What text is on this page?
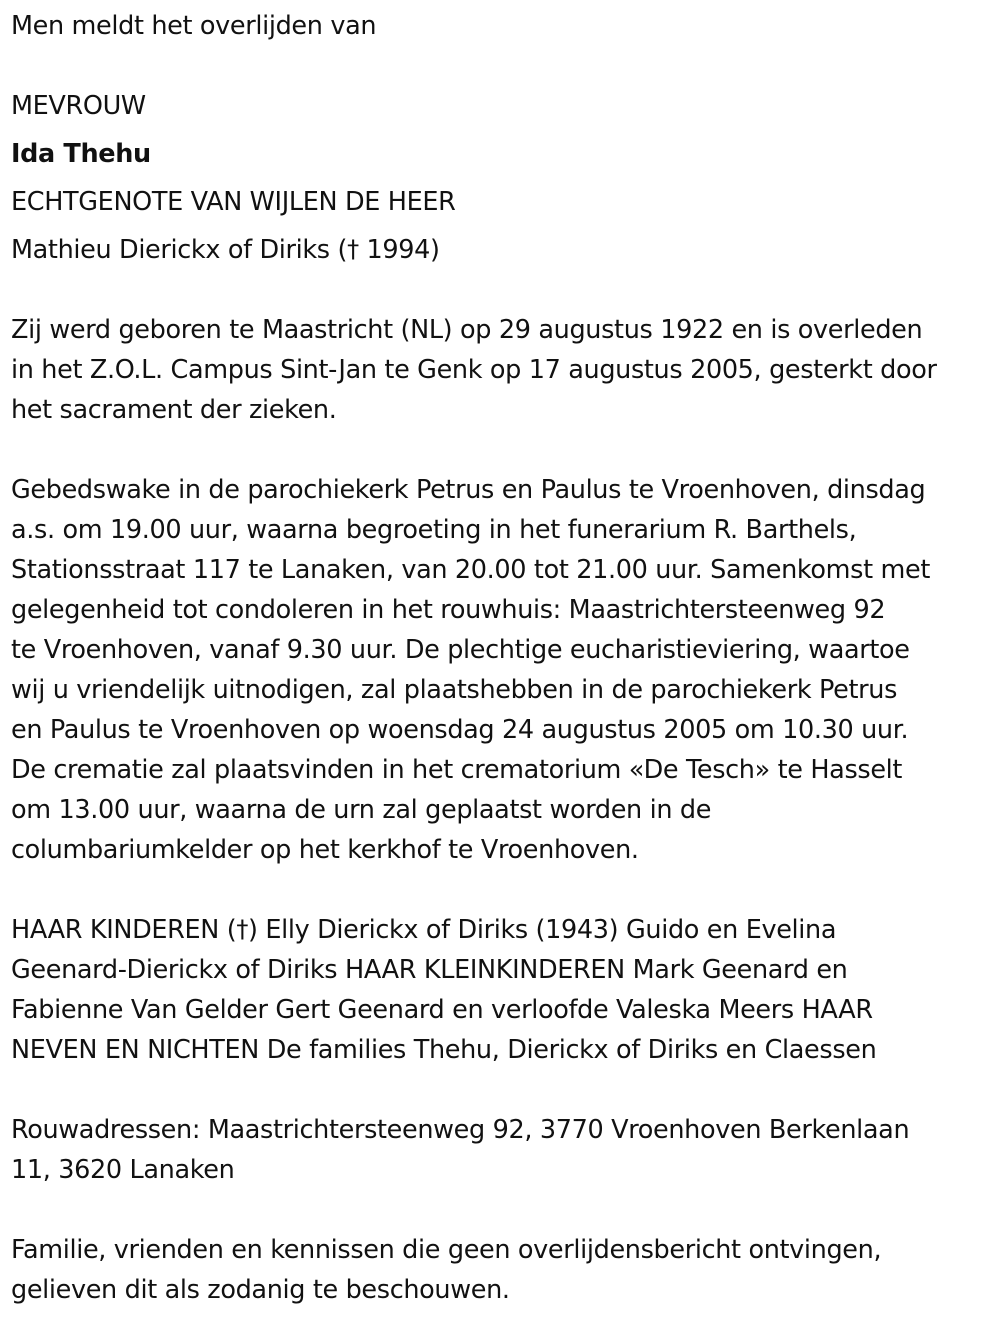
Men meldt het overlijden van

MEVROUW

Ida Thehu

ECHTGENOTE VAN WIJLEN DE HEER

Mathieu Dierickx of Diriks († 1994)

Zij werd geboren te Maastricht (NL) op 29 augustus 1922 en is overleden

in het Z.O.L. Campus Sint-Jan te Genk op 17 augustus 2005, gesterkt door

het sacrament der zieken.

Gebedswake in de parochiekerk Petrus en Paulus te Vroenhoven, dinsdag

a.s. om 19.00 uur, waarna begroeting in het funerarium R. Barthels,

Stationsstraat 117 te Lanaken, van 20.00 tot 21.00 uur. Samenkomst met

gelegenheid tot condoleren in het rouwhuis: Maastrichtersteenweg 92

te Vroenhoven, vanaf 9.30 uur. De plechtige eucharistieviering, waartoe

wij u vriendelijk uitnodigen, zal plaatshebben in de parochiekerk Petrus

en Paulus te Vroenhoven op woensdag 24 augustus 2005 om 10.30 uur.

De crematie zal plaatsvinden in het crematorium «De Tesch» te Hasselt

om 13.00 uur, waarna de urn zal geplaatst worden in de

columbariumkelder op het kerkhof te Vroenhoven.

HAAR KINDEREN (†) Elly Dierickx of Diriks (1943) Guido en Evelina

Geenard-Dierickx of Diriks HAAR KLEINKINDEREN Mark Geenard en

Fabienne Van Gelder Gert Geenard en verloofde Valeska Meers HAAR

NEVEN EN NICHTEN De families Thehu, Dierickx of Diriks en Claessen

Rouwadressen: Maastrichtersteenweg 92, 3770 Vroenhoven Berkenlaan

11, 3620 Lanaken

Familie, vrienden en kennissen die geen overlijdensbericht ontvingen,

gelieven dit als zodanig te beschouwen.
